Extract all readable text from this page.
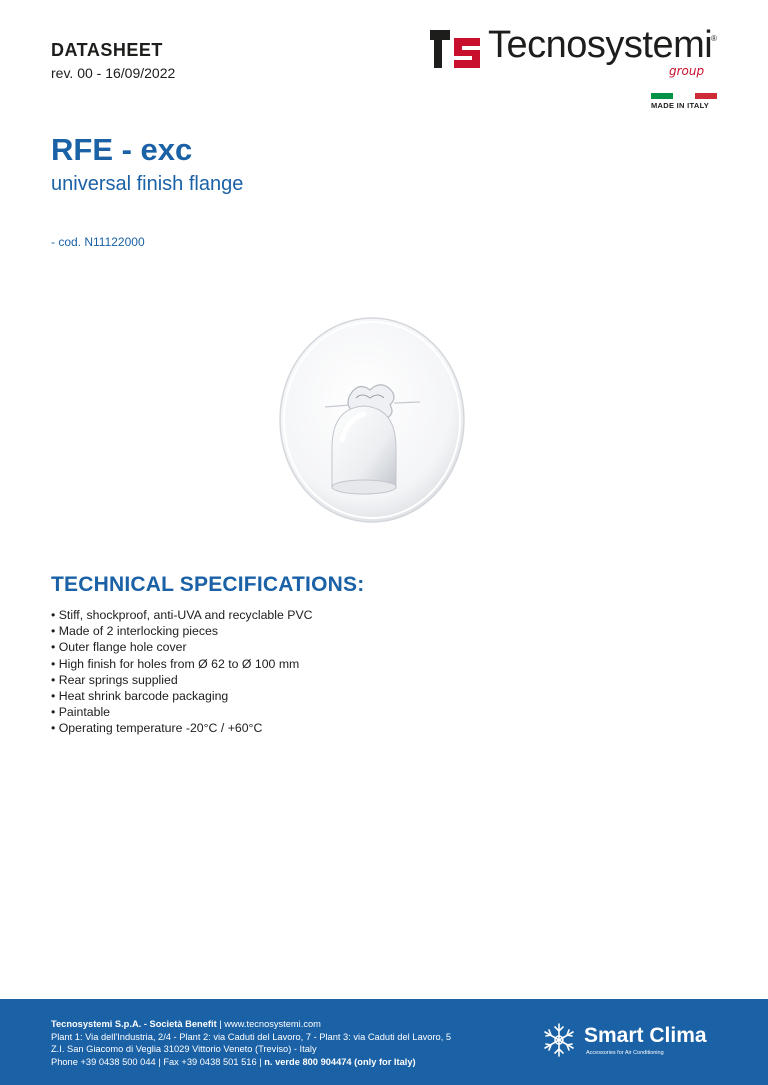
DATASHEET
rev. 00 - 16/09/2022
Tecnosystemi
®
group
MADE IN ITALY
RFE - exc
universal finish flange
- cod. N11122000
TECHNICAL SPECIFICATIONS:
• Stiff, shockproof, anti-UVA and recyclable PVC
• Made of 2 interlocking pieces
• Outer flange hole cover
• High finish for holes from Ø 62 to Ø 100 mm
• Rear springs supplied
• Heat shrink barcode packaging
• Paintable
• Operating temperature -20°C / +60°C
Tecnosystemi S.p.A. - Società Benefit | www.tecnosystemi.com
Plant 1: Via dell'Industria, 2/4 - Plant 2: via Caduti del Lavoro, 7 - Plant 3: via Caduti del Lavoro, 5
Z.I. San Giacomo di Veglia 31029 Vittorio Veneto (Treviso) - Italy
Phone +39 0438 500 044 | Fax +39 0438 501 516 | n. verde 800 904474 (only for Italy)
Smart Clima
Accessories for Air Conditioning
